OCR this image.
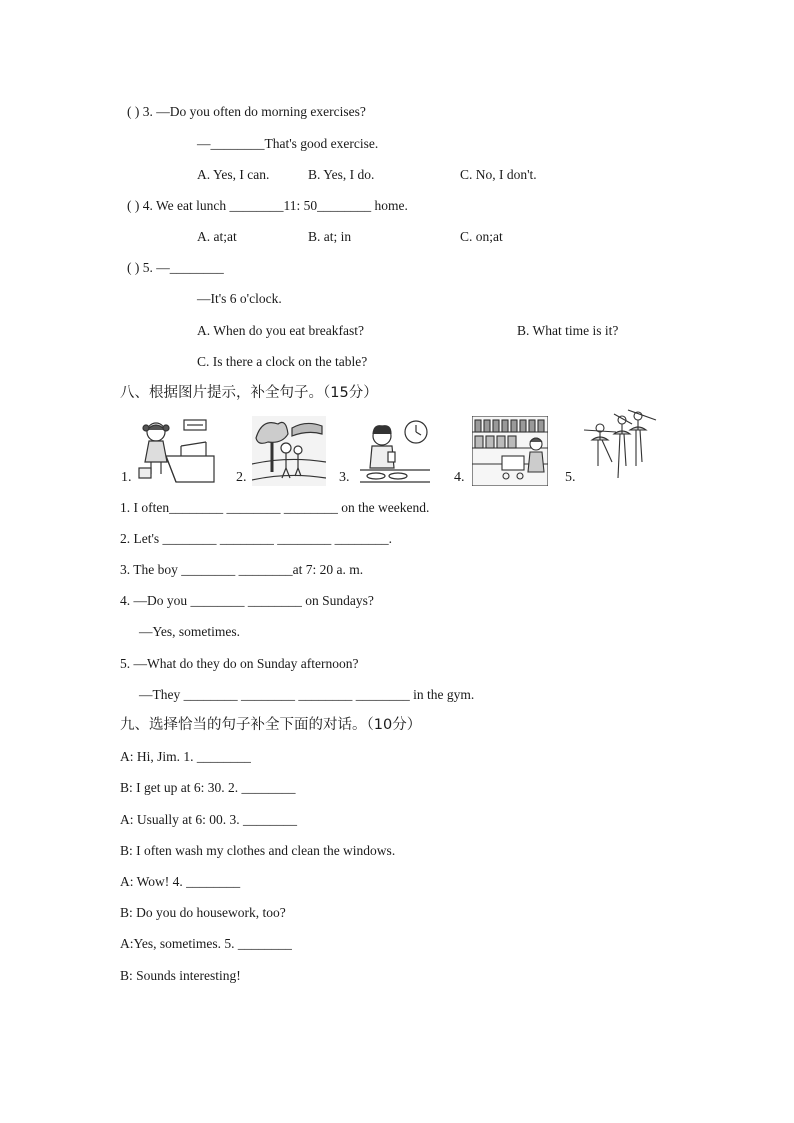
( ) 3. —Do you often do morning exercises?
—________That's good exercise.
A. Yes, I can.	B. Yes, I do.	C. No, I don't.
( ) 4. We eat lunch ________11: 50________ home.
A. at;at	B. at; in	C. on;at
( ) 5. —________
—It's 6 o'clock.
A. When do you eat breakfast?	B. What time is it?
C. Is there a clock on the table?
八、根据图片提示，补全句子。（15分）
1.	2.	3.	4.	5.
1. I often________ ________ ________ on the weekend.
2. Let's ________ ________ ________ ________.
3. The boy ________ ________at 7: 20 a. m.
4. —Do you ________ ________ on Sundays?
—Yes, sometimes.
5. —What do they do on Sunday afternoon?
—They ________ ________ ________ ________ in the gym.
九、选择恰当的句子补全下面的对话。（10分）
A: Hi, Jim. 1. ________
B: I get up at 6: 30. 2. ________
A: Usually at 6: 00. 3. ________
B: I often wash my clothes and clean the windows.
A: Wow! 4. ________
B: Do you do housework, too?
A:Yes, sometimes. 5. ________
B: Sounds interesting!
